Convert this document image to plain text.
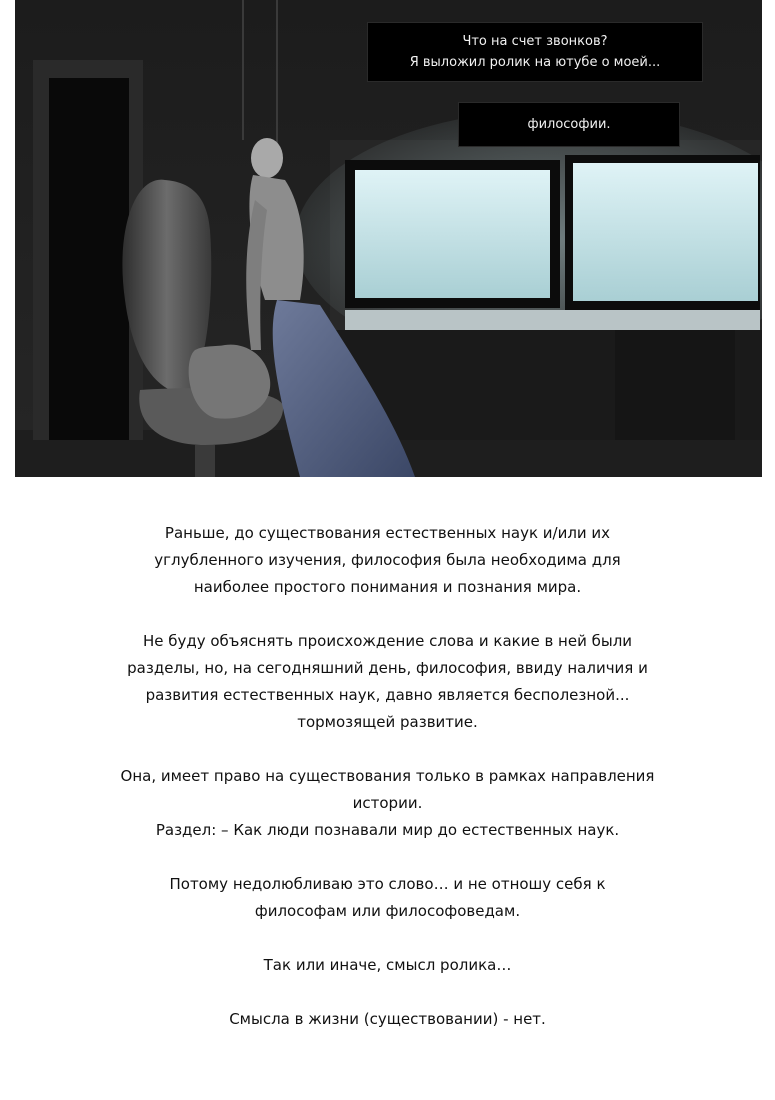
Что на счет звонков?
Я выложил ролик на ютубе о моей...
философии.
Раньше, до существования естественных наук и/или их
углубленного изучения, философия была необходима для
наиболее простого понимания и познания мира.
Не буду объяснять происхождение слова и какие в ней были
разделы, но, на сегодняшний день, философия, ввиду наличия и
развития естественных наук, давно является бесполезной...
тормозящей развитие.
Она, имеет право на существования только в рамках направления
истории.
Раздел: – Как люди познавали мир до естественных наук.
Потому недолюбливаю это слово… и не отношу себя к
философам или философоведам.
Так или иначе, смысл ролика…
Смысла в жизни (существовании) - нет.
